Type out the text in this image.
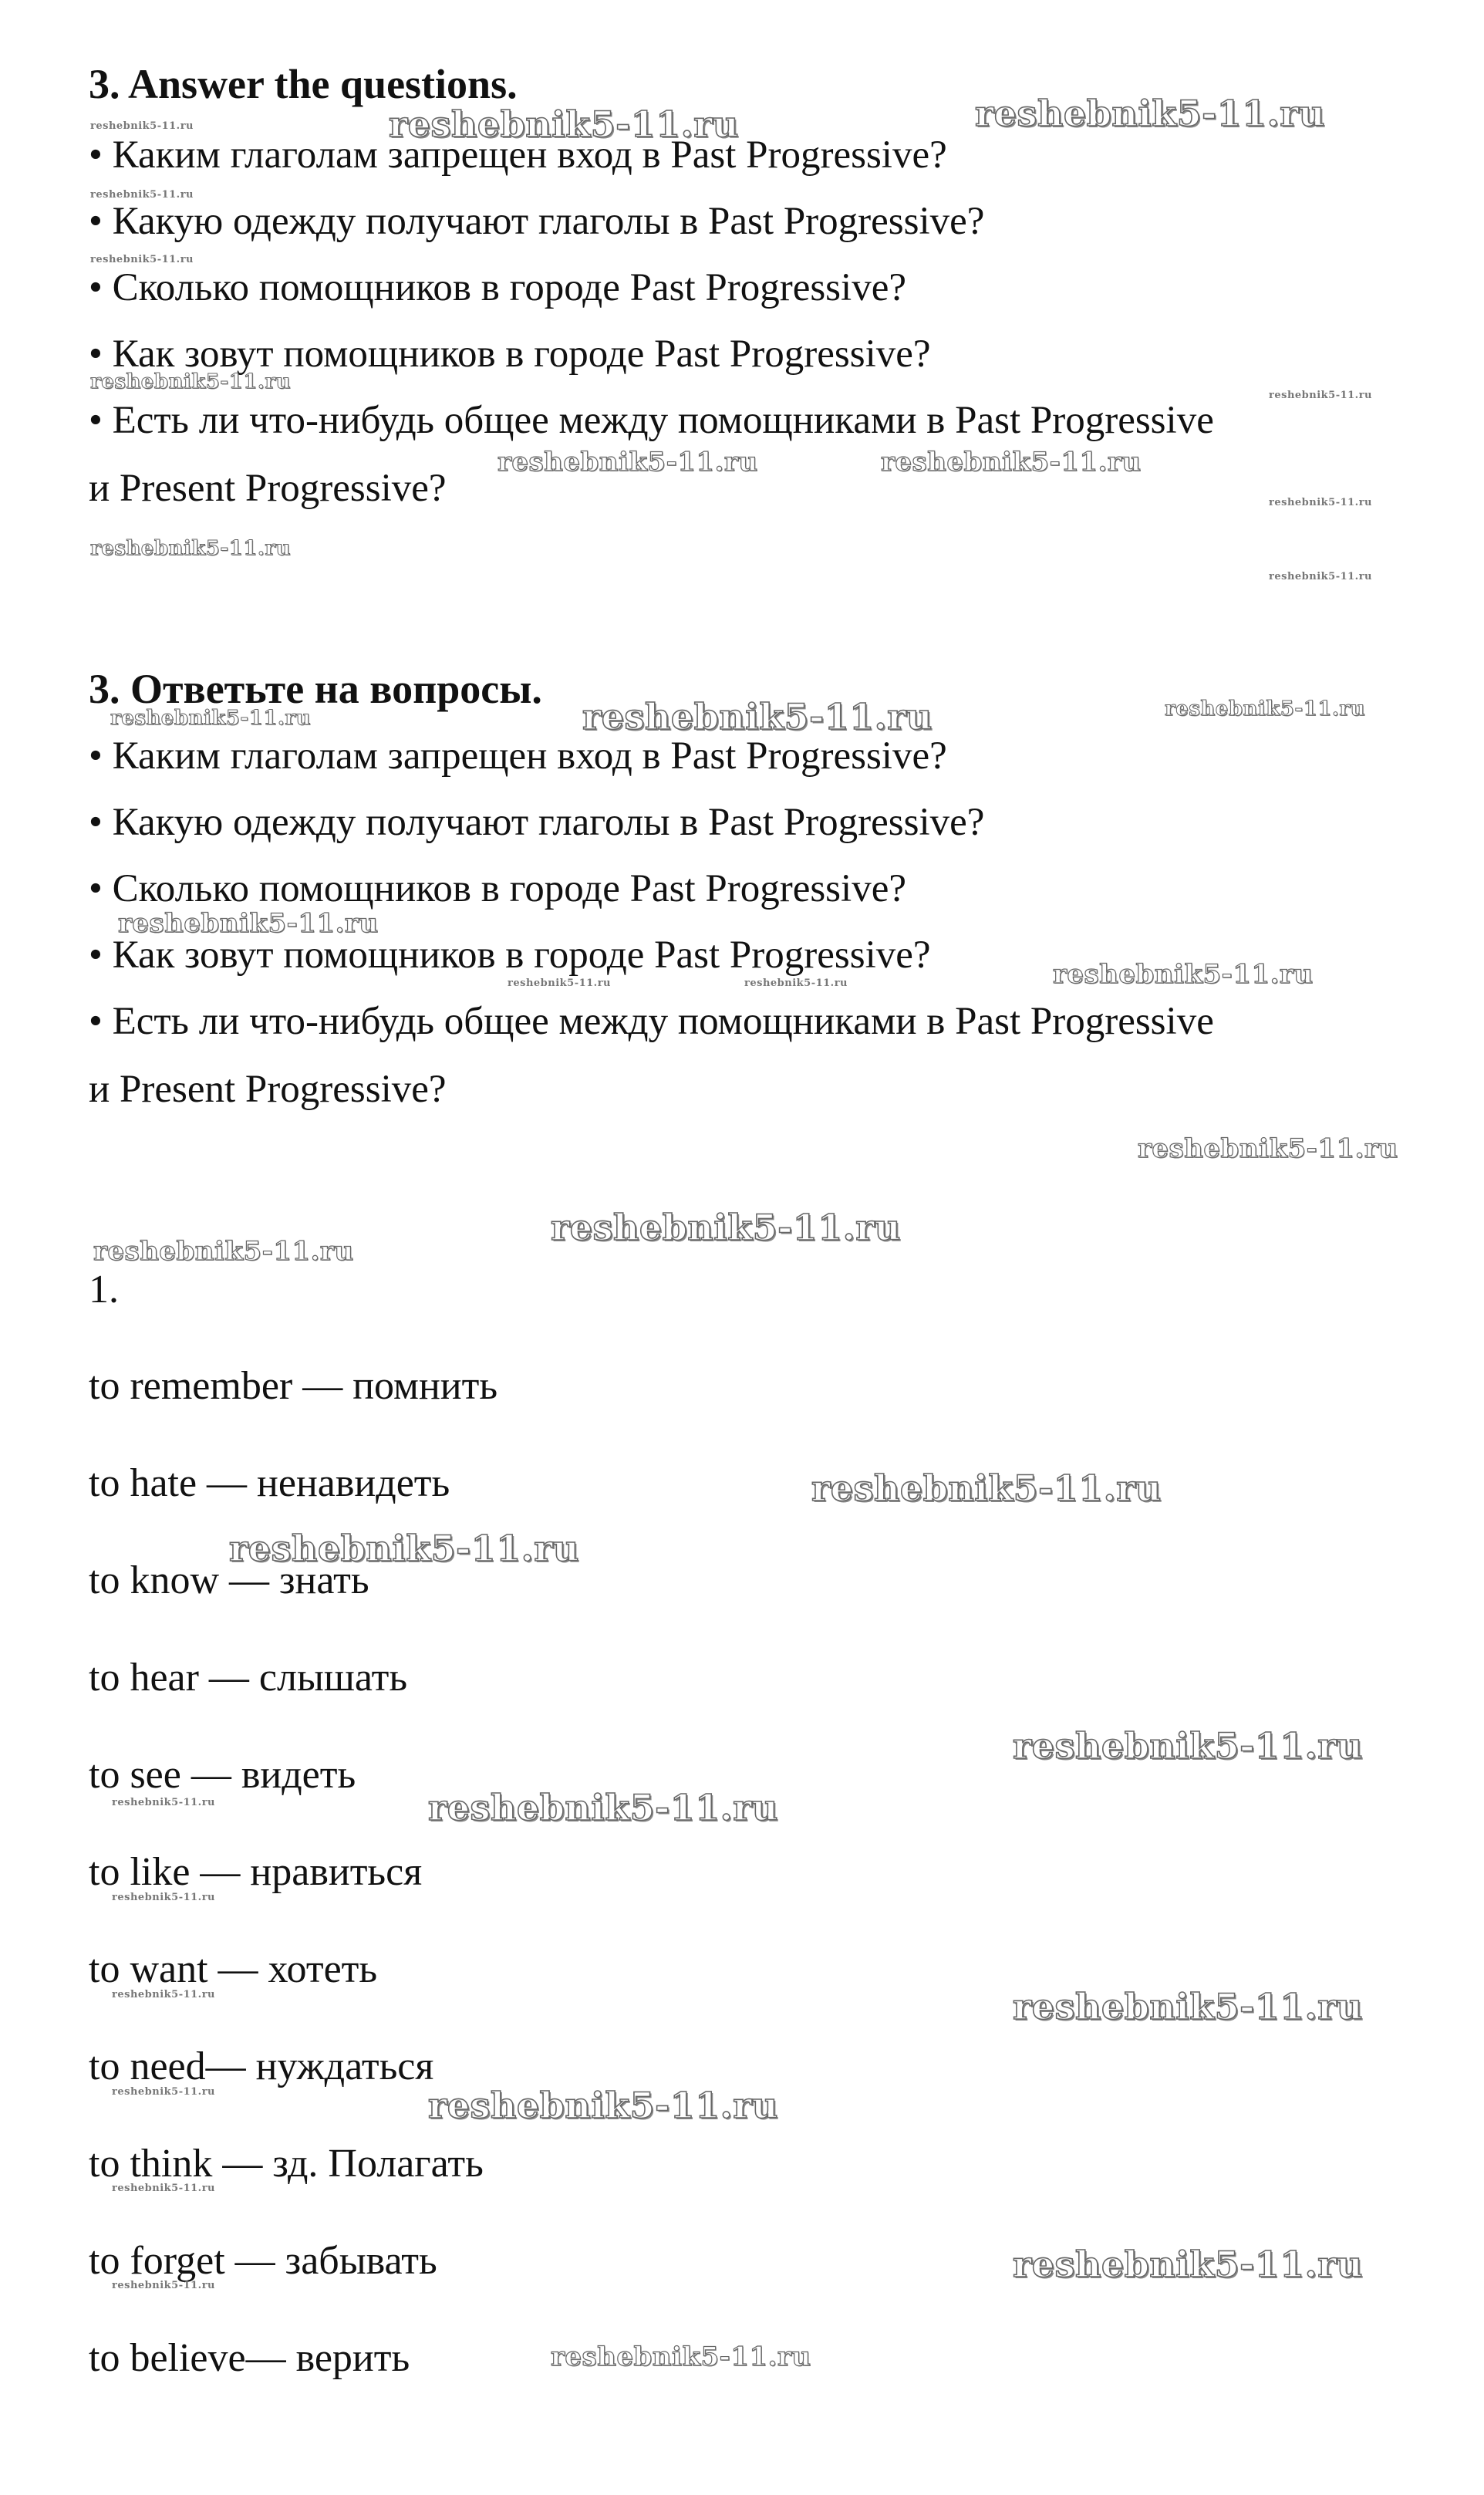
3. Answer the questions.
• Каким глаголам запрещен вход в Past Progressive?
• Какую одежду получают глаголы в Past Progressive?
• Сколько помощников в городе Past Progressive?
• Как зовут помощников в городе Past Progressive?
• Есть ли что-нибудь общее между помощниками в Past Progressive
и Present Progressive?
3. Ответьте на вопросы.
• Каким глаголам запрещен вход в Past Progressive?
• Какую одежду получают глаголы в Past Progressive?
• Сколько помощников в городе Past Progressive?
• Как зовут помощников в городе Past Progressive?
• Есть ли что-нибудь общее между помощниками в Past Progressive
и Present Progressive?
1.
to remember — помнить
to hate — ненавидеть
to know — знать
to hear — слышать
to see — видеть
to like — нравиться
to want — хотеть
to need— нуждаться
to think — зд. Полагать
to forget — забывать
to believe— верить
reshebnik5-11.ru	reshebnik5-11.ru
reshebnik5-11.ru
reshebnik5-11.ru
reshebnik5-11.ru
reshebnik5-11.ru
reshebnik5-11.ru
reshebnik5-11.ru	reshebnik5-11.ru
reshebnik5-11.ru
reshebnik5-11.ru
reshebnik5-11.ru
reshebnik5-11.ru	reshebnik5-11.ru
reshebnik5-11.ru
reshebnik5-11.ru
reshebnik5-11.ru	reshebnik5-11.ru	reshebnik5-11.ru
reshebnik5-11.ru
reshebnik5-11.ru
reshebnik5-11.ru
reshebnik5-11.ru
reshebnik5-11.ru
reshebnik5-11.ru
reshebnik5-11.ru	reshebnik5-11.ru
reshebnik5-11.ru
reshebnik5-11.ru	reshebnik5-11.ru
reshebnik5-11.ru	reshebnik5-11.ru
reshebnik5-11.ru
reshebnik5-11.ru
reshebnik5-11.ru
reshebnik5-11.ru
